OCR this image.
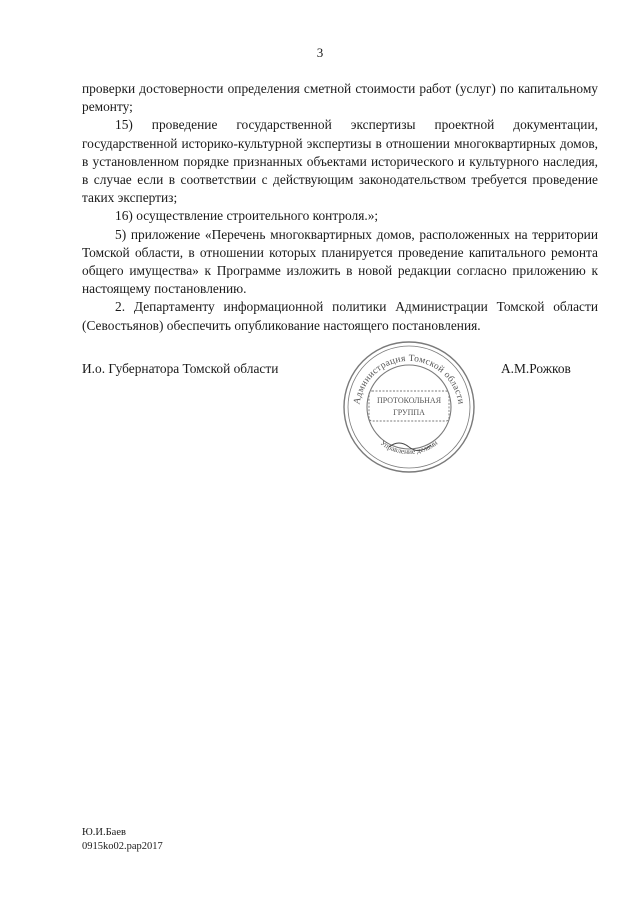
3

проверки достоверности определения сметной стоимости работ (услуг) по капитальному ремонту;

15) проведение государственной экспертизы проектной документации, государственной историко-культурной экспертизы в отношении многоквартирных домов, в установленном порядке признанных объектами исторического и культурного наследия, в случае если в соответствии с действующим законодательством требуется проведение таких экспертиз;

16) осуществление строительного контроля.»;

5) приложение «Перечень многоквартирных домов, расположенных на территории Томской области, в отношении которых планируется проведение капитального ремонта общего имущества» к Программе изложить в новой редакции согласно приложению к настоящему постановлению.

2. Департаменту информационной политики Администрации Томской области (Севостьянов) обеспечить опубликование настоящего постановления.

И.о. Губернатора Томской области	А.М.Рожков
Администрация Томской области
ПРОТОКОЛЬНАЯ
ГРУППА
Управление делами
Ю.И.Баев
0915ko02.pap2017
